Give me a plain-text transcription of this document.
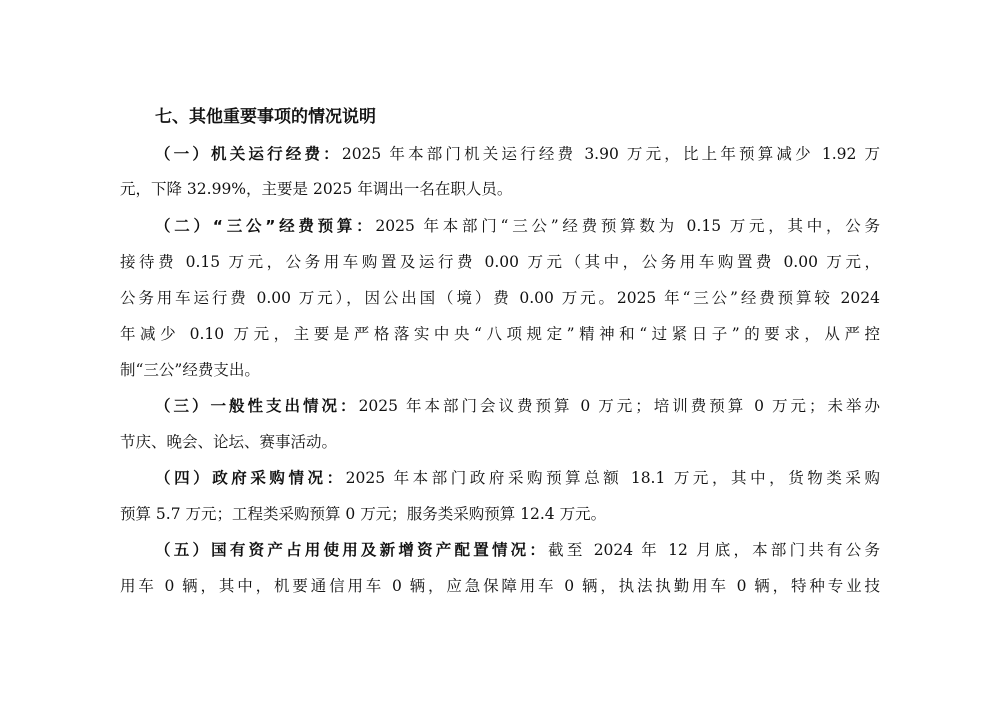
七、其他重要事项的情况说明
（一）机关运行经费：2025 年本部门机关运行经费 3.90 万元，比上年预算减少 1.92 万
元，下降 32.99%，主要是 2025 年调出一名在职人员。
（二）“三公”经费预算：2025 年本部门“三公”经费预算数为 0.15 万元，其中，公务
接待费 0.15 万元，公务用车购置及运行费 0.00 万元（其中，公务用车购置费 0.00 万元，
公务用车运行费 0.00 万元），因公出国（境）费 0.00 万元。2025 年“三公”经费预算较 2024
年减少 0.10 万元，主要是严格落实中央“八项规定”精神和“过紧日子”的要求，从严控
制“三公”经费支出。
（三）一般性支出情况：2025 年本部门会议费预算 0 万元；培训费预算 0 万元；未举办
节庆、晚会、论坛、赛事活动。
（四）政府采购情况：2025 年本部门政府采购预算总额 18.1 万元，其中，货物类采购
预算 5.7 万元；工程类采购预算 0 万元；服务类采购预算 12.4 万元。
（五）国有资产占用使用及新增资产配置情况：截至 2024 年 12 月底，本部门共有公务
用车 0 辆，其中，机要通信用车 0 辆，应急保障用车 0 辆，执法执勤用车 0 辆，特种专业技
